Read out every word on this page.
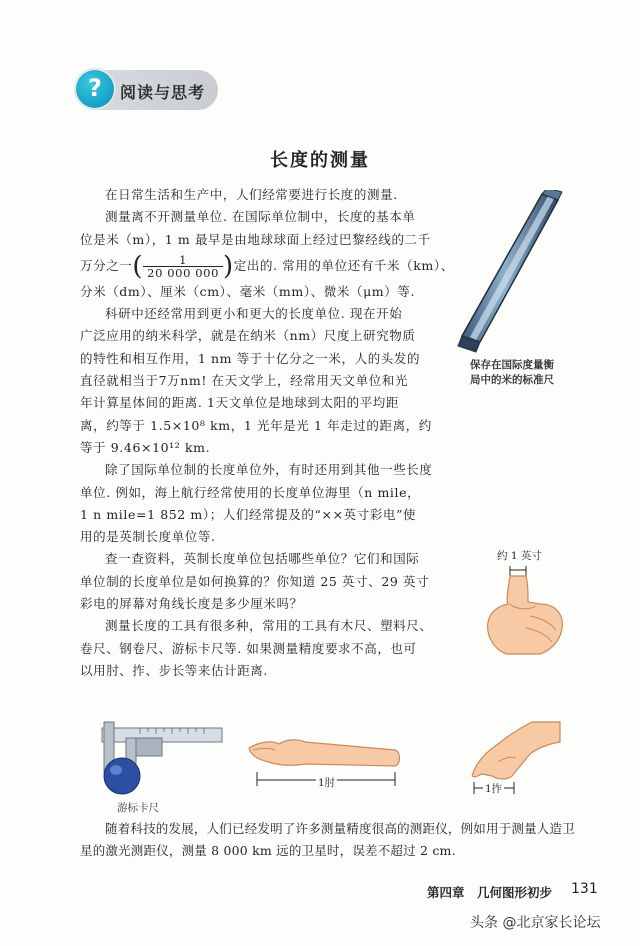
?	阅读与思考
长度的测量
在日常生活和生产中，人们经常要进行长度的测量.
测量离不开测量单位. 在国际单位制中，长度的基本单
位是米（m），1 m 最早是由地球球面上经过巴黎经线的二千
万分之一( $\frac{1}{20 000 000}$ )定出的. 常用的单位还有千米（km）、
分米（dm）、厘米（cm）、毫米（mm）、微米（μm）等.
科研中还经常用到更小和更大的长度单位. 现在开始
广泛应用的纳米科学，就是在纳米（nm）尺度上研究物质
的特性和相互作用，1 nm 等于十亿分之一米，人的头发的
直径就相当于7万nm! 在天文学上，经常用天文单位和光
年计算星体间的距离. 1天文单位是地球到太阳的平均距
离，约等于 1.5×10⁸ km，1 光年是光 1 年走过的距离，约
等于 9.46×10¹² km.
除了国际单位制的长度单位外，有时还用到其他一些长度
单位. 例如，海上航行经常使用的长度单位海里（n mile，
1 n mile=1 852 m）；人们经常提及的“××英寸彩电”使
用的是英制长度单位等.
查一查资料，英制长度单位包括哪些单位？它们和国际
单位制的长度单位是如何换算的？你知道 25 英寸、29 英寸
彩电的屏幕对角线长度是多少厘米吗？
测量长度的工具有很多种，常用的工具有木尺、塑料尺、
卷尺、钢卷尺、游标卡尺等. 如果测量精度要求不高，也可
以用肘、拃、步长等来估计距离.
保存在国际度量衡
局中的米的标准尺
约 1 英寸
游标卡尺
1肘	1拃
随着科技的发展，人们已经发明了许多测量精度很高的测距仪，例如用于测量人造卫
星的激光测距仪，测量 8 000 km 远的卫星时，误差不超过 2 cm.
第四章　几何图形初步 131
头条 @北京家长论坛
